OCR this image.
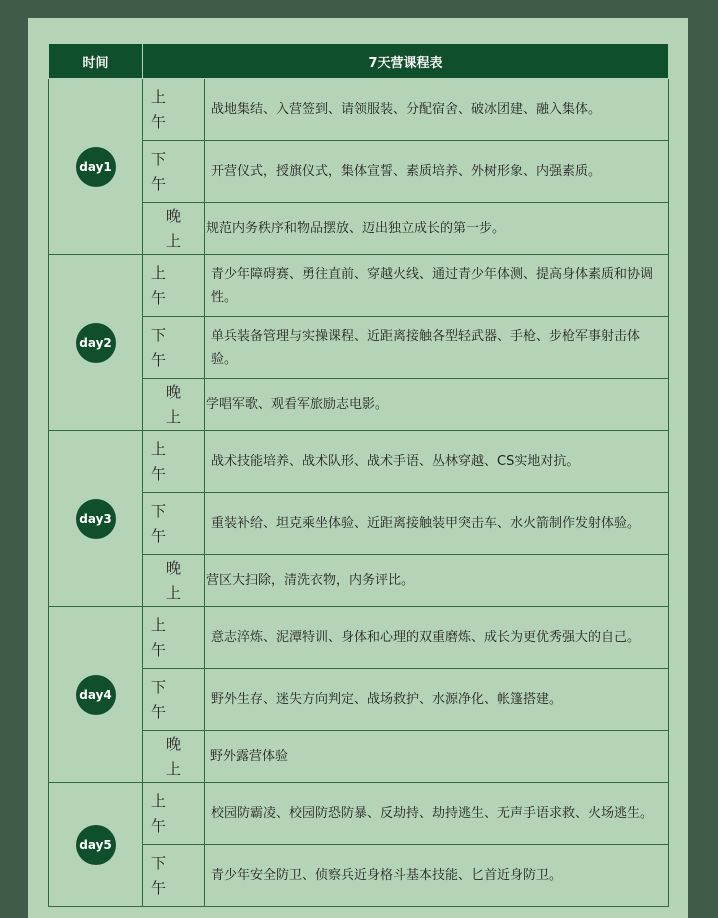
时间	7天营课程表	
day1	上午	战地集结、入营签到、请领服装、分配宿舍、破冰团建、融入集体。

	下午	开营仪式，授旗仪式，集体宣誓、素质培养、外树形象、内强素质。

	晚上	规范内务秩序和物品摆放、迈出独立成长的第一步。

day2	上午	青少年障碍赛、勇往直前、穿越火线、通过青少年体测、提高身体素质和协调性。

	下午	单兵装备管理与实操课程、近距离接触各型轻武器、手枪、步枪军事射击体验。

	晚上	学唱军歌、观看军旅励志电影。

day3	上午	战术技能培养、战术队形、战术手语、丛林穿越、CS实地对抗。

	下午	重装补给、坦克乘坐体验、近距离接触装甲突击车、水火箭制作发射体验。

	晚上	营区大扫除，清洗衣物，内务评比。

day4	上午	意志淬炼、泥潭特训、身体和心理的双重磨炼、成长为更优秀强大的自己。

	下午	野外生存、迷失方向判定、战场救护、水源净化、帐篷搭建。

	晚上	野外露营体验

day5	上午	校园防霸凌、校园防恐防暴、反劫持、劫持逃生、无声手语求救、火场逃生。

	下午	青少年安全防卫、侦察兵近身格斗基本技能、匕首近身防卫。
